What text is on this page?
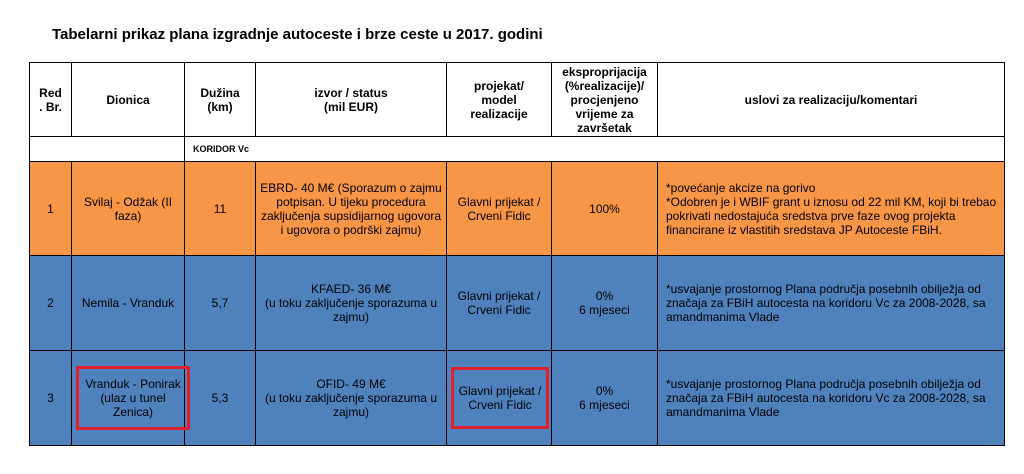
Tabelarni prikaz plana izgradnje autoceste i brze ceste u 2017. godini
Red
. Br.	Dionica	Dužina
(km)	izvor / status
(mil EUR)	projekat/
model
realizacije	eksproprijacija
(%realizacije)/
procjenjeno
vrijeme za
završetak	uslovi za realizaciju/komentari
		KORIDOR Vc				
1	Svilaj - Odžak (II faza)	11	EBRD- 40 M€ (Sporazum o zajmu potpisan. U tijeku procedura zaključenja supsidijarnog ugovora i ugovora o podrški zajmu)	Glavni prijekat / Crveni Fidic	100%	*povećanje akcize na gorivo
*Odobren je i WBIF grant u iznosu od 22 mil KM, koji bi trebao pokrivati nedostajuća sredstva prve faze ovog projekta financirane iz vlastitih sredstava JP Autoceste FBiH.

2	Nemila - Vranduk	5,7	KFAED- 36 M€
(u toku zaključenje sporazuma u zajmu)	Glavni prijekat / Crveni Fidic	0%
6 mjeseci	*usvajanje prostornog Plana područja posebnih obilježja od značaja za FBiH autocesta na koridoru Vc za 2008-2028, sa amandmanima Vlade
3	Vranduk - Ponirak (ulaz u tunel Zenica)	5,3	OFID- 49 M€
(u toku zaključenje sporazuma u zajmu)	Glavni prijekat / Crveni Fidic	0%
6 mjeseci	*usvajanje prostornog Plana područja posebnih obilježja od značaja za FBiH autocesta na koridoru Vc za 2008-2028, sa amandmanima Vlade
